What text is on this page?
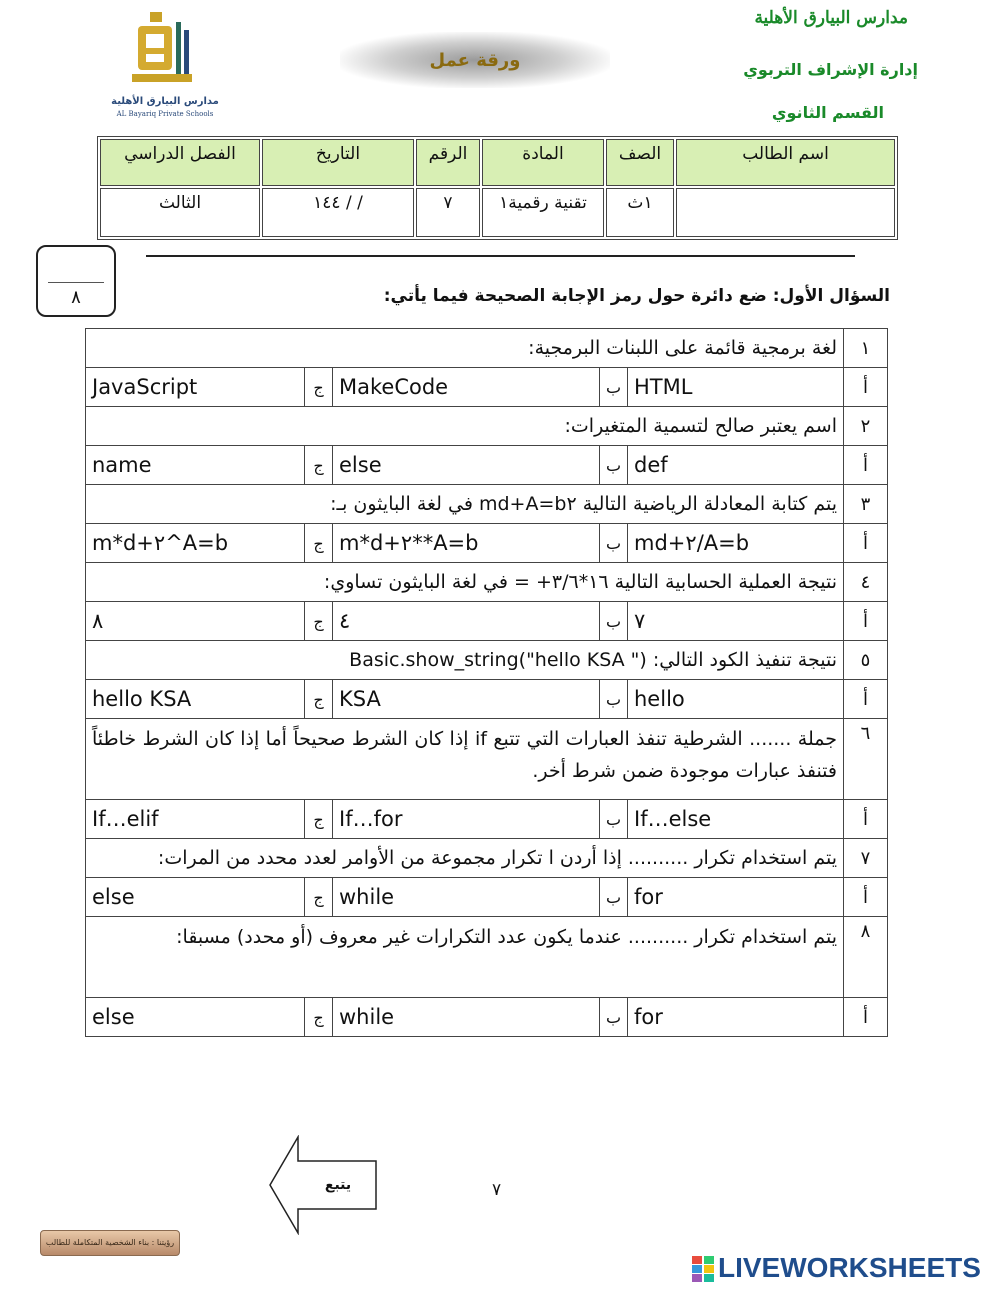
مدارس البيارق الأهلية
إدارة الإشراف التربوي
القسم الثانوي
ورقة عمل
مدارس البيارق الأهلية
AL Bayariq Private Schools
اسم الطالب	الصف	المادة	الرقم	التاريخ	الفصل الدراسي
	١ث	تقنية رقمية١	٧	/ / ١٤٤	الثالث
٨	السؤال الأول: ضع دائرة حول رمز الإجابة الصحيحة فيما يأتي:
١	لغة برمجية قائمة على اللبنات البرمجية:				
أ	HTML	ب	MakeCode	ج	JavaScript
٢	اسم يعتبر صالح لتسمية المتغيرات:				
أ	def	ب	else	ج	name
٣	يتم كتابة المعادلة الرياضية التالية A=b٢+md في لغة البايثون بـ:				
أ	A=b/٢+md	ب	A=b**٢+m*d	ج	A=b^٢+m*d
٤	نتيجة العملية الحسابية التالية ١٦*٣/٦+ = في لغة البايثون تساوي:				
أ	٧	ب	٤	ج	٨
٥	نتيجة تنفيذ الكود التالي: (" Basic.show_string("hello KSA				
أ	hello	ب	KSA	ج	hello KSA
٦	جملة ....... الشرطية تنفذ العبارات التي تتبع if إذا كان الشرط صحيحاً أما إذا كان الشرط خاطئاً فتنفذ عبارات موجودة ضمن شرط أخر.				
أ	If…else	ب	If…for	ج	If…elif
٧	يتم استخدام تكرار .......... إذا أردن ا تكرار مجموعة من الأوامر لعدد محدد من المرات:				
أ	for	ب	while	ج	else
٨	يتم استخدام تكرار .......... عندما يكون عدد التكرارات غير معروف (أو محدد) مسبقا:				
أ	for	ب	while	ج	else
يتبع	٧
رؤيتنا : بناء الشخصية المتكاملة للطالب
LIVEWORKSHEETS
